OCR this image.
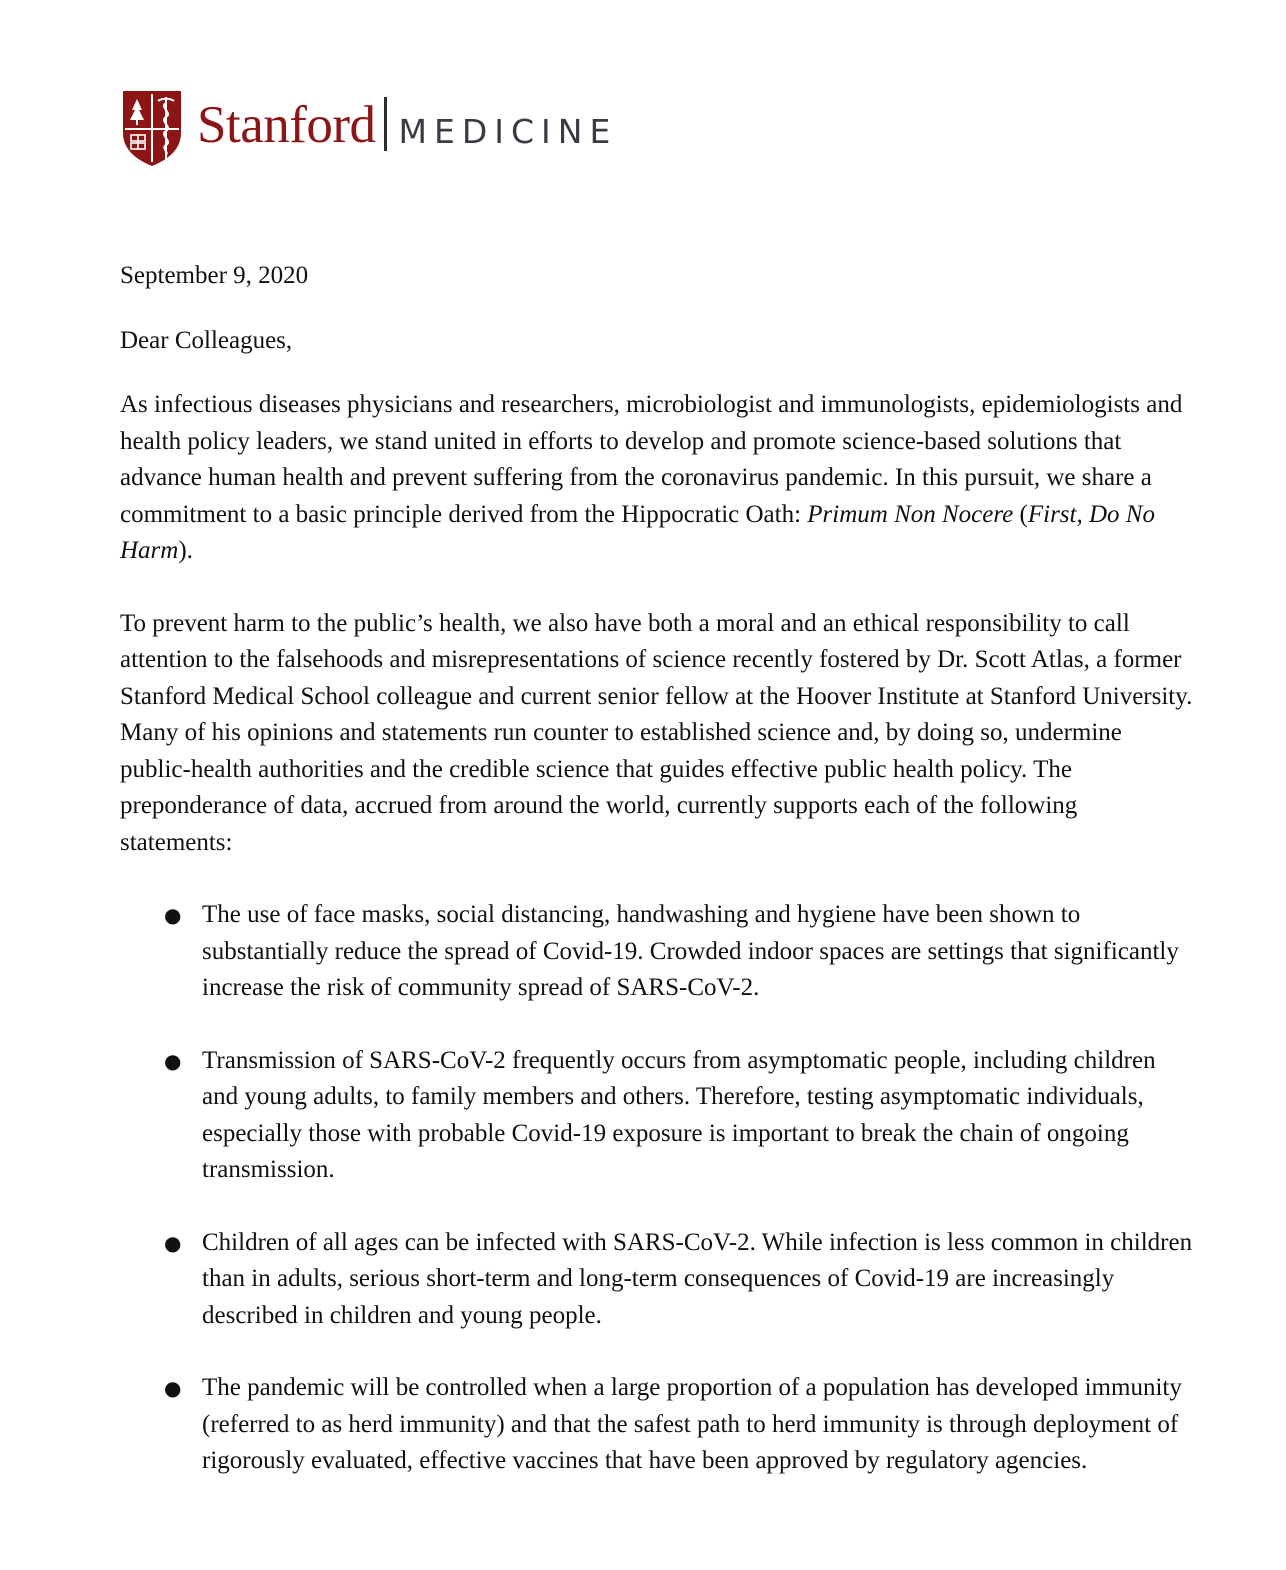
Stanford MEDICINE

September 9, 2020

Dear Colleagues,

As infectious diseases physicians and researchers, microbiologist and immunologists, epidemiologists and health policy leaders, we stand united in efforts to develop and promote science-based solutions that advance human health and prevent suffering from the coronavirus pandemic. In this pursuit, we share a commitment to a basic principle derived from the Hippocratic Oath: Primum Non Nocere (First, Do No Harm).

To prevent harm to the public’s health, we also have both a moral and an ethical responsibility to call attention to the falsehoods and misrepresentations of science recently fostered by Dr. Scott Atlas, a former Stanford Medical School colleague and current senior fellow at the Hoover Institute at Stanford University. Many of his opinions and statements run counter to established science and, by doing so, undermine public-health authorities and the credible science that guides effective public health policy. The preponderance of data, accrued from around the world, currently supports each of the following statements:

● The use of face masks, social distancing, handwashing and hygiene have been shown to substantially reduce the spread of Covid-19. Crowded indoor spaces are settings that significantly increase the risk of community spread of SARS-CoV-2.
● Transmission of SARS-CoV-2 frequently occurs from asymptomatic people, including children and young adults, to family members and others. Therefore, testing asymptomatic individuals, especially those with probable Covid-19 exposure is important to break the chain of ongoing transmission.
● Children of all ages can be infected with SARS-CoV-2. While infection is less common in children than in adults, serious short-term and long-term consequences of Covid-19 are increasingly described in children and young people.
● The pandemic will be controlled when a large proportion of a population has developed immunity (referred to as herd immunity) and that the safest path to herd immunity is through deployment of rigorously evaluated, effective vaccines that have been approved by regulatory agencies.
